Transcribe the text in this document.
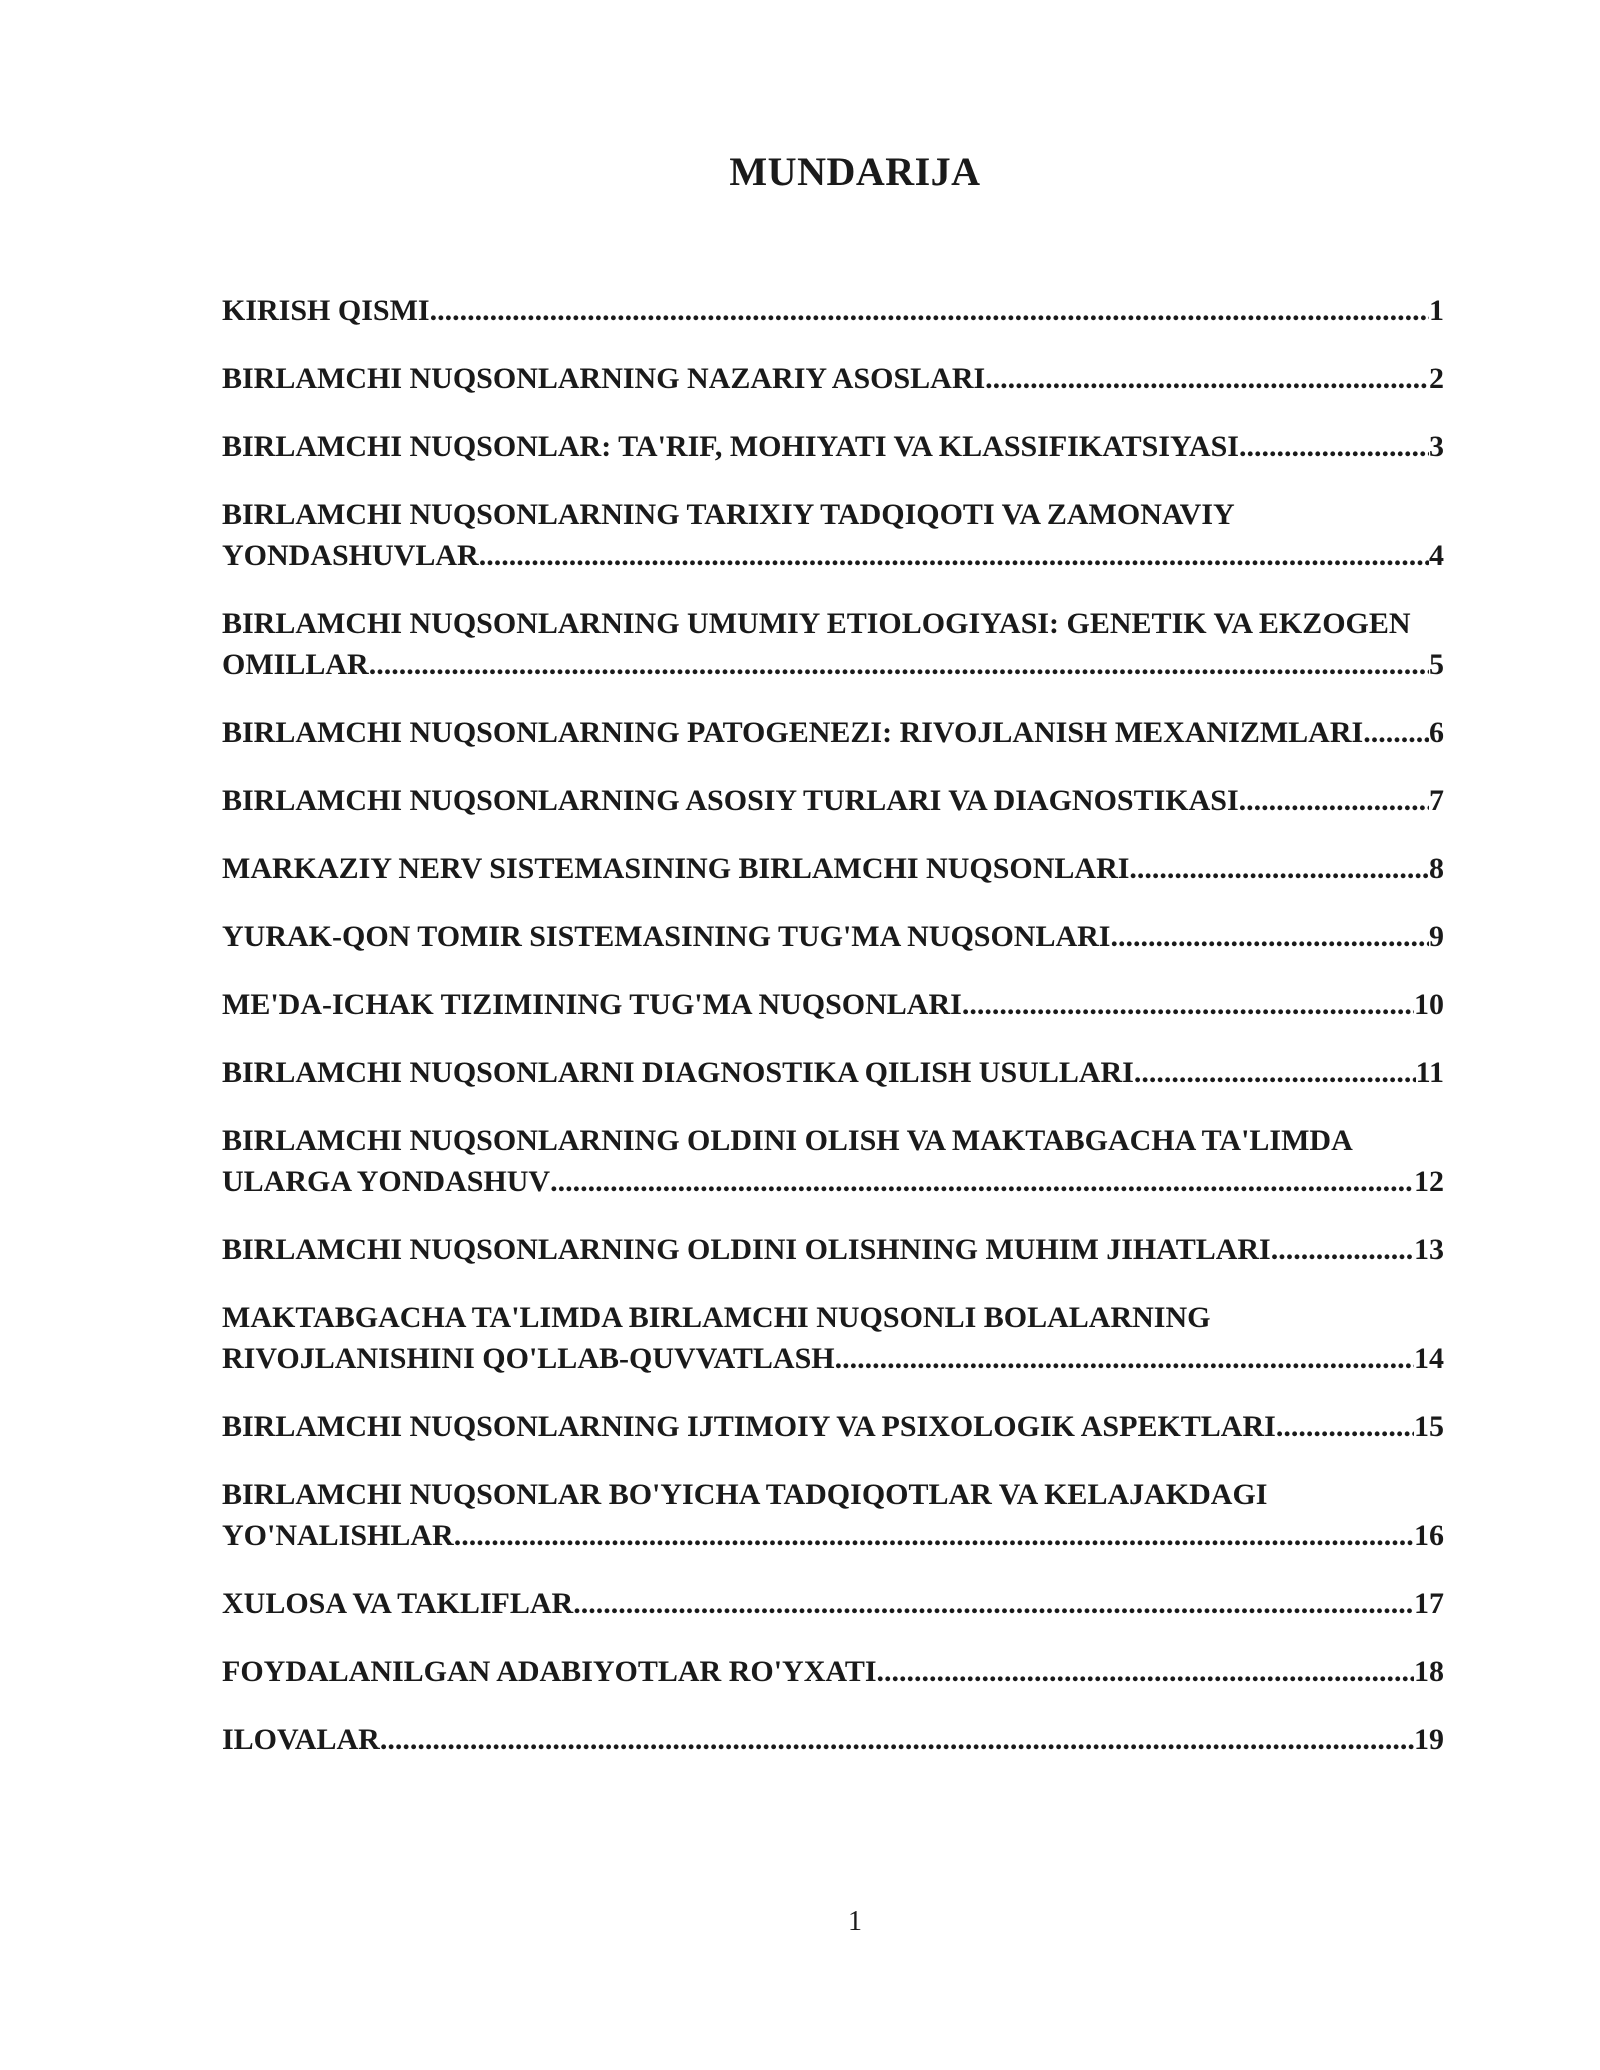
MUNDARIJA
KIRISH QISMI .....	1
BIRLAMCHI NUQSONLARNING NAZARIY ASOSLARI .....	2
BIRLAMCHI NUQSONLAR: TA'RIF, MOHIYATI VA KLASSIFIKATSIYASI .....	3
BIRLAMCHI NUQSONLARNING TARIXIY TADQIQOTI VA ZAMONAVIY
YONDASHUVLAR .....	4
BIRLAMCHI NUQSONLARNING UMUMIY ETIOLOGIYASI: GENETIK VA EKZOGEN
OMILLAR .....	5
BIRLAMCHI NUQSONLARNING PATOGENEZI: RIVOJLANISH MEXANIZMLARI ..... 6
BIRLAMCHI NUQSONLARNING ASOSIY TURLARI VA DIAGNOSTIKASI .....	7
MARKAZIY NERV SISTEMASINING BIRLAMCHI NUQSONLARI .....	8
YURAK-QON TOMIR SISTEMASINING TUG'MA NUQSONLARI .....	9
ME'DA-ICHAK TIZIMINING TUG'MA NUQSONLARI .....	10
BIRLAMCHI NUQSONLARNI DIAGNOSTIKA QILISH USULLARI .....	11
BIRLAMCHI NUQSONLARNING OLDINI OLISH VA MAKTABGACHA TA'LIMDA
ULARGA YONDASHUV .....	12
BIRLAMCHI NUQSONLARNING OLDINI OLISHNING MUHIM JIHATLARI .....	13
MAKTABGACHA TA'LIMDA BIRLAMCHI NUQSONLI BOLALARNING
RIVOJLANISHINI QO'LLAB-QUVVATLASH .....	14
BIRLAMCHI NUQSONLARNING IJTIMOIY VA PSIXOLOGIK ASPEKTLARI .....	15
BIRLAMCHI NUQSONLAR BO'YICHA TADQIQOTLAR VA KELAJAKDAGI
YO'NALISHLAR .....	16
XULOSA VA TAKLIFLAR .....	17
FOYDALANILGAN ADABIYOTLAR RO'YXATI .....	18
ILOVALAR .....	19
1
